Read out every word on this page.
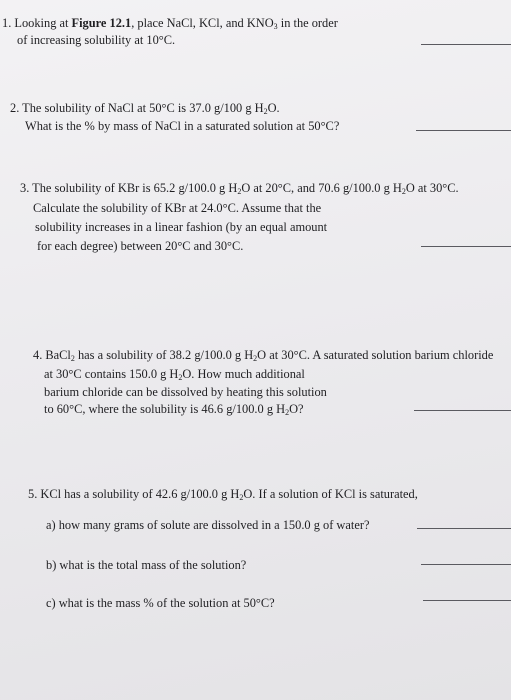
1. Looking at Figure 12.1, place NaCl, KCl, and $KNO_3$ in the order
of increasing solubility at 10°C.
2. The solubility of NaCl at 50°C is 37.0 g/100 g $H_2O$.
What is the % by mass of NaCl in a saturated solution at 50°C?
3. The solubility of KBr is 65.2 g/100.0 g $H_2O$ at 20°C, and 70.6 g/100.0 g $H_2O$ at 30°C.
Calculate the solubility of KBr at 24.0°C. Assume that the
solubility increases in a linear fashion (by an equal amount
for each degree) between 20°C and 30°C.
4. BaCl$_2$ has a solubility of 38.2 g/100.0 g $H_2O$ at 30°C. A saturated solution barium chloride
at 30°C contains 150.0 g $H_2O$. How much additional
barium chloride can be dissolved by heating this solution
to 60°C, where the solubility is 46.6 g/100.0 g $H_2O$?
5. KCl has a solubility of 42.6 g/100.0 g $H_2O$. If a solution of KCl is saturated,
a) how many grams of solute are dissolved in a 150.0 g of water?
b) what is the total mass of the solution?
c) what is the mass % of the solution at 50°C?
